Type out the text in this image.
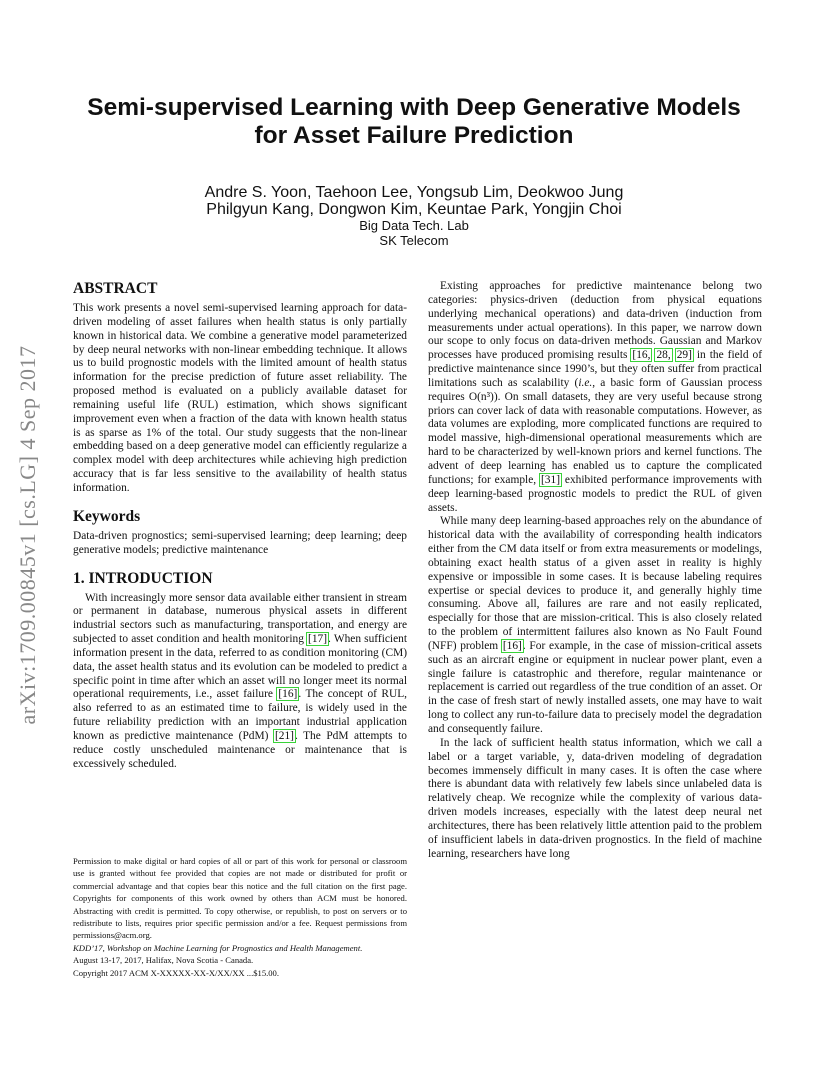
arXiv:1709.00845v1 [cs.LG] 4 Sep 2017
Semi-supervised Learning with Deep Generative Models
for Asset Failure Prediction
Andre S. Yoon, Taehoon Lee, Yongsub Lim, Deokwoo Jung
Philgyun Kang, Dongwon Kim, Keuntae Park, Yongjin Choi
Big Data Tech. Lab
SK Telecom
ABSTRACT

This work presents a novel semi-supervised learning approach for data-driven modeling of asset failures when health status is only partially known in historical data. We combine a generative model parameterized by deep neural networks with non-linear embedding technique. It allows us to build prognostic models with the limited amount of health status information for the precise prediction of future asset reliability. The proposed method is evaluated on a publicly available dataset for remaining useful life (RUL) estimation, which shows significant improvement even when a fraction of the data with known health status is as sparse as 1% of the total. Our study suggests that the non-linear embedding based on a deep generative model can efficiently regularize a complex model with deep architectures while achieving high prediction accuracy that is far less sensitive to the availability of health status information.

Keywords

Data-driven prognostics; semi-supervised learning; deep learning; deep generative models; predictive maintenance

1. INTRODUCTION

With increasingly more sensor data available either transient in stream or permanent in database, numerous physical assets in different industrial sectors such as manufacturing, transportation, and energy are subjected to asset condition and health monitoring [17]. When sufficient information present in the data, referred to as condition monitoring (CM) data, the asset health status and its evolution can be modeled to predict a specific point in time after which an asset will no longer meet its normal operational requirements, i.e., asset failure [16]. The concept of RUL, also referred to as an estimated time to failure, is widely used in the future reliability prediction with an important industrial application known as predictive maintenance (PdM) [21]. The PdM attempts to reduce costly unscheduled maintenance or maintenance that is excessively scheduled.

Permission to make digital or hard copies of all or part of this work for personal or classroom use is granted without fee provided that copies are not made or distributed for profit or commercial advantage and that copies bear this notice and the full citation on the first page. Copyrights for components of this work owned by others than ACM must be honored. Abstracting with credit is permitted. To copy otherwise, or republish, to post on servers or to redistribute to lists, requires prior specific permission and/or a fee. Request permissions from permissions@acm.org.

KDD’17, Workshop on Machine Learning for Prognostics and Health Management.

August 13-17, 2017, Halifax, Nova Scotia - Canada.

Copyright 2017 ACM X-XXXXX-XX-X/XX/XX ...$15.00.

Existing approaches for predictive maintenance belong two categories: physics-driven (deduction from physical equations underlying mechanical operations) and data-driven (induction from measurements under actual operations). In this paper, we narrow down our scope to only focus on data-driven methods. Gaussian and Markov processes have produced promising results [16, 28, 29] in the field of predictive maintenance since 1990’s, but they often suffer from practical limitations such as scalability (i.e., a basic form of Gaussian process requires O(n³)). On small datasets, they are very useful because strong priors can cover lack of data with reasonable computations. However, as data volumes are exploding, more complicated functions are required to model massive, high-dimensional operational measurements which are hard to be characterized by well-known priors and kernel functions. The advent of deep learning has enabled us to capture the complicated functions; for example, [31] exhibited performance improvements with deep learning-based prognostic models to predict the RUL of given assets.

While many deep learning-based approaches rely on the abundance of historical data with the availability of corresponding health indicators either from the CM data itself or from extra measurements or modelings, obtaining exact health status of a given asset in reality is highly expensive or impossible in some cases. It is because labeling requires expertise or special devices to produce it, and generally highly time consuming. Above all, failures are rare and not easily replicated, especially for those that are mission-critical. This is also closely related to the problem of intermittent failures also known as No Fault Found (NFF) problem [16]. For example, in the case of mission-critical assets such as an aircraft engine or equipment in nuclear power plant, even a single failure is catastrophic and therefore, regular maintenance or replacement is carried out regardless of the true condition of an asset. Or in the case of fresh start of newly installed assets, one may have to wait long to collect any run-to-failure data to precisely model the degradation and consequently failure.

In the lack of sufficient health status information, which we call a label or a target variable, y, data-driven modeling of degradation becomes immensely difficult in many cases. It is often the case where there is abundant data with relatively few labels since unlabeled data is relatively cheap. We recognize while the complexity of various data-driven models increases, especially with the latest deep neural net architectures, there has been relatively little attention paid to the problem of insufficient labels in data-driven prognostics. In the field of machine learning, researchers have long
